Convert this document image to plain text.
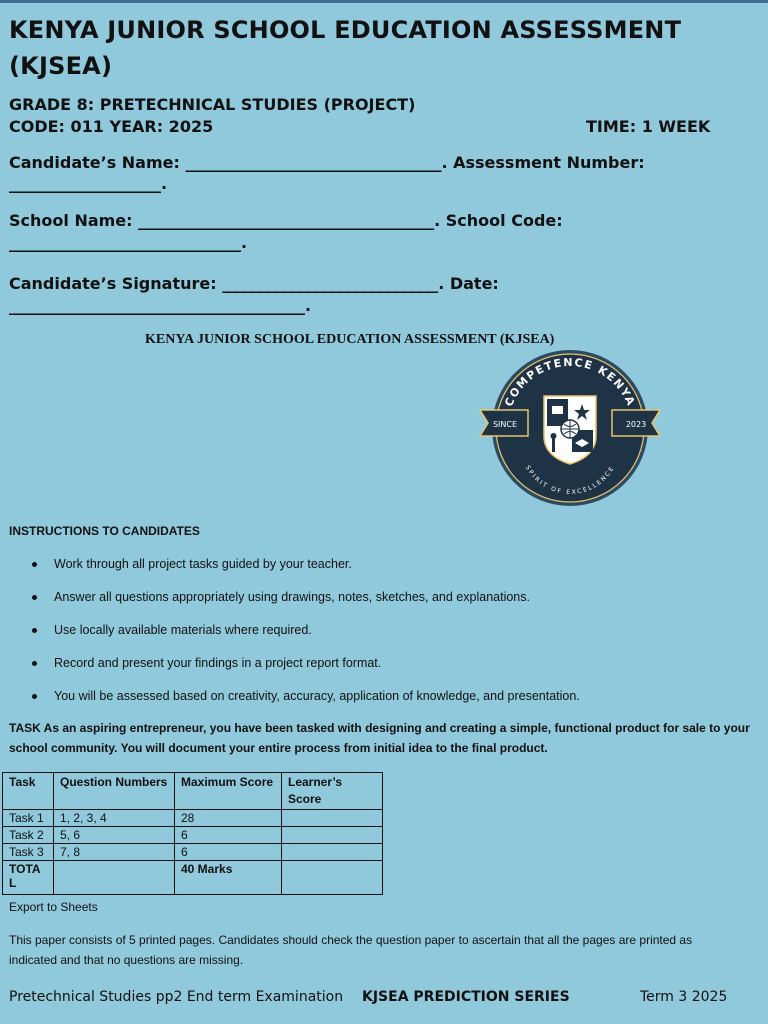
KENYA JUNIOR SCHOOL EDUCATION ASSESSMENT
(KJSEA)
GRADE 8: PRETECHNICAL STUDIES (PROJECT)
CODE: 011 YEAR: 2025	TIME: 1 WEEK
Candidate’s Name: ________________________________. Assessment Number:
___________________.
School Name: _____________________________________. School Code:
_____________________________.
Candidate’s Signature: ___________________________. Date:
_____________________________________.
KENYA JUNIOR SCHOOL EDUCATION ASSESSMENT (KJSEA)
SINCE	2023
COMPETENCE KENYA
SPIRIT OF EXCELLENCE
INSTRUCTIONS TO CANDIDATES
Work through all project tasks guided by your teacher.
Answer all questions appropriately using drawings, notes, sketches, and explanations.
Use locally available materials where required.
Record and present your findings in a project report format.
You will be assessed based on creativity, accuracy, application of knowledge, and presentation.
TASK As an aspiring entrepreneur, you have been tasked with designing and creating a simple, functional product for sale to your
school community. You will document your entire process from initial idea to the final product.
Task	Question Numbers	Maximum Score	Learner’s Score
Task 1	1, 2, 3, 4	28	
Task 2	5, 6	6	
Task 3	7, 8	6	
TOTAL		40 Marks	
Export to Sheets
This paper consists of 5 printed pages. Candidates should check the question paper to ascertain that all the pages are printed as
indicated and that no questions are missing.
Pretechnical Studies pp2 End term Examination KJSEA PREDICTION SERIES	Term 3 2025
